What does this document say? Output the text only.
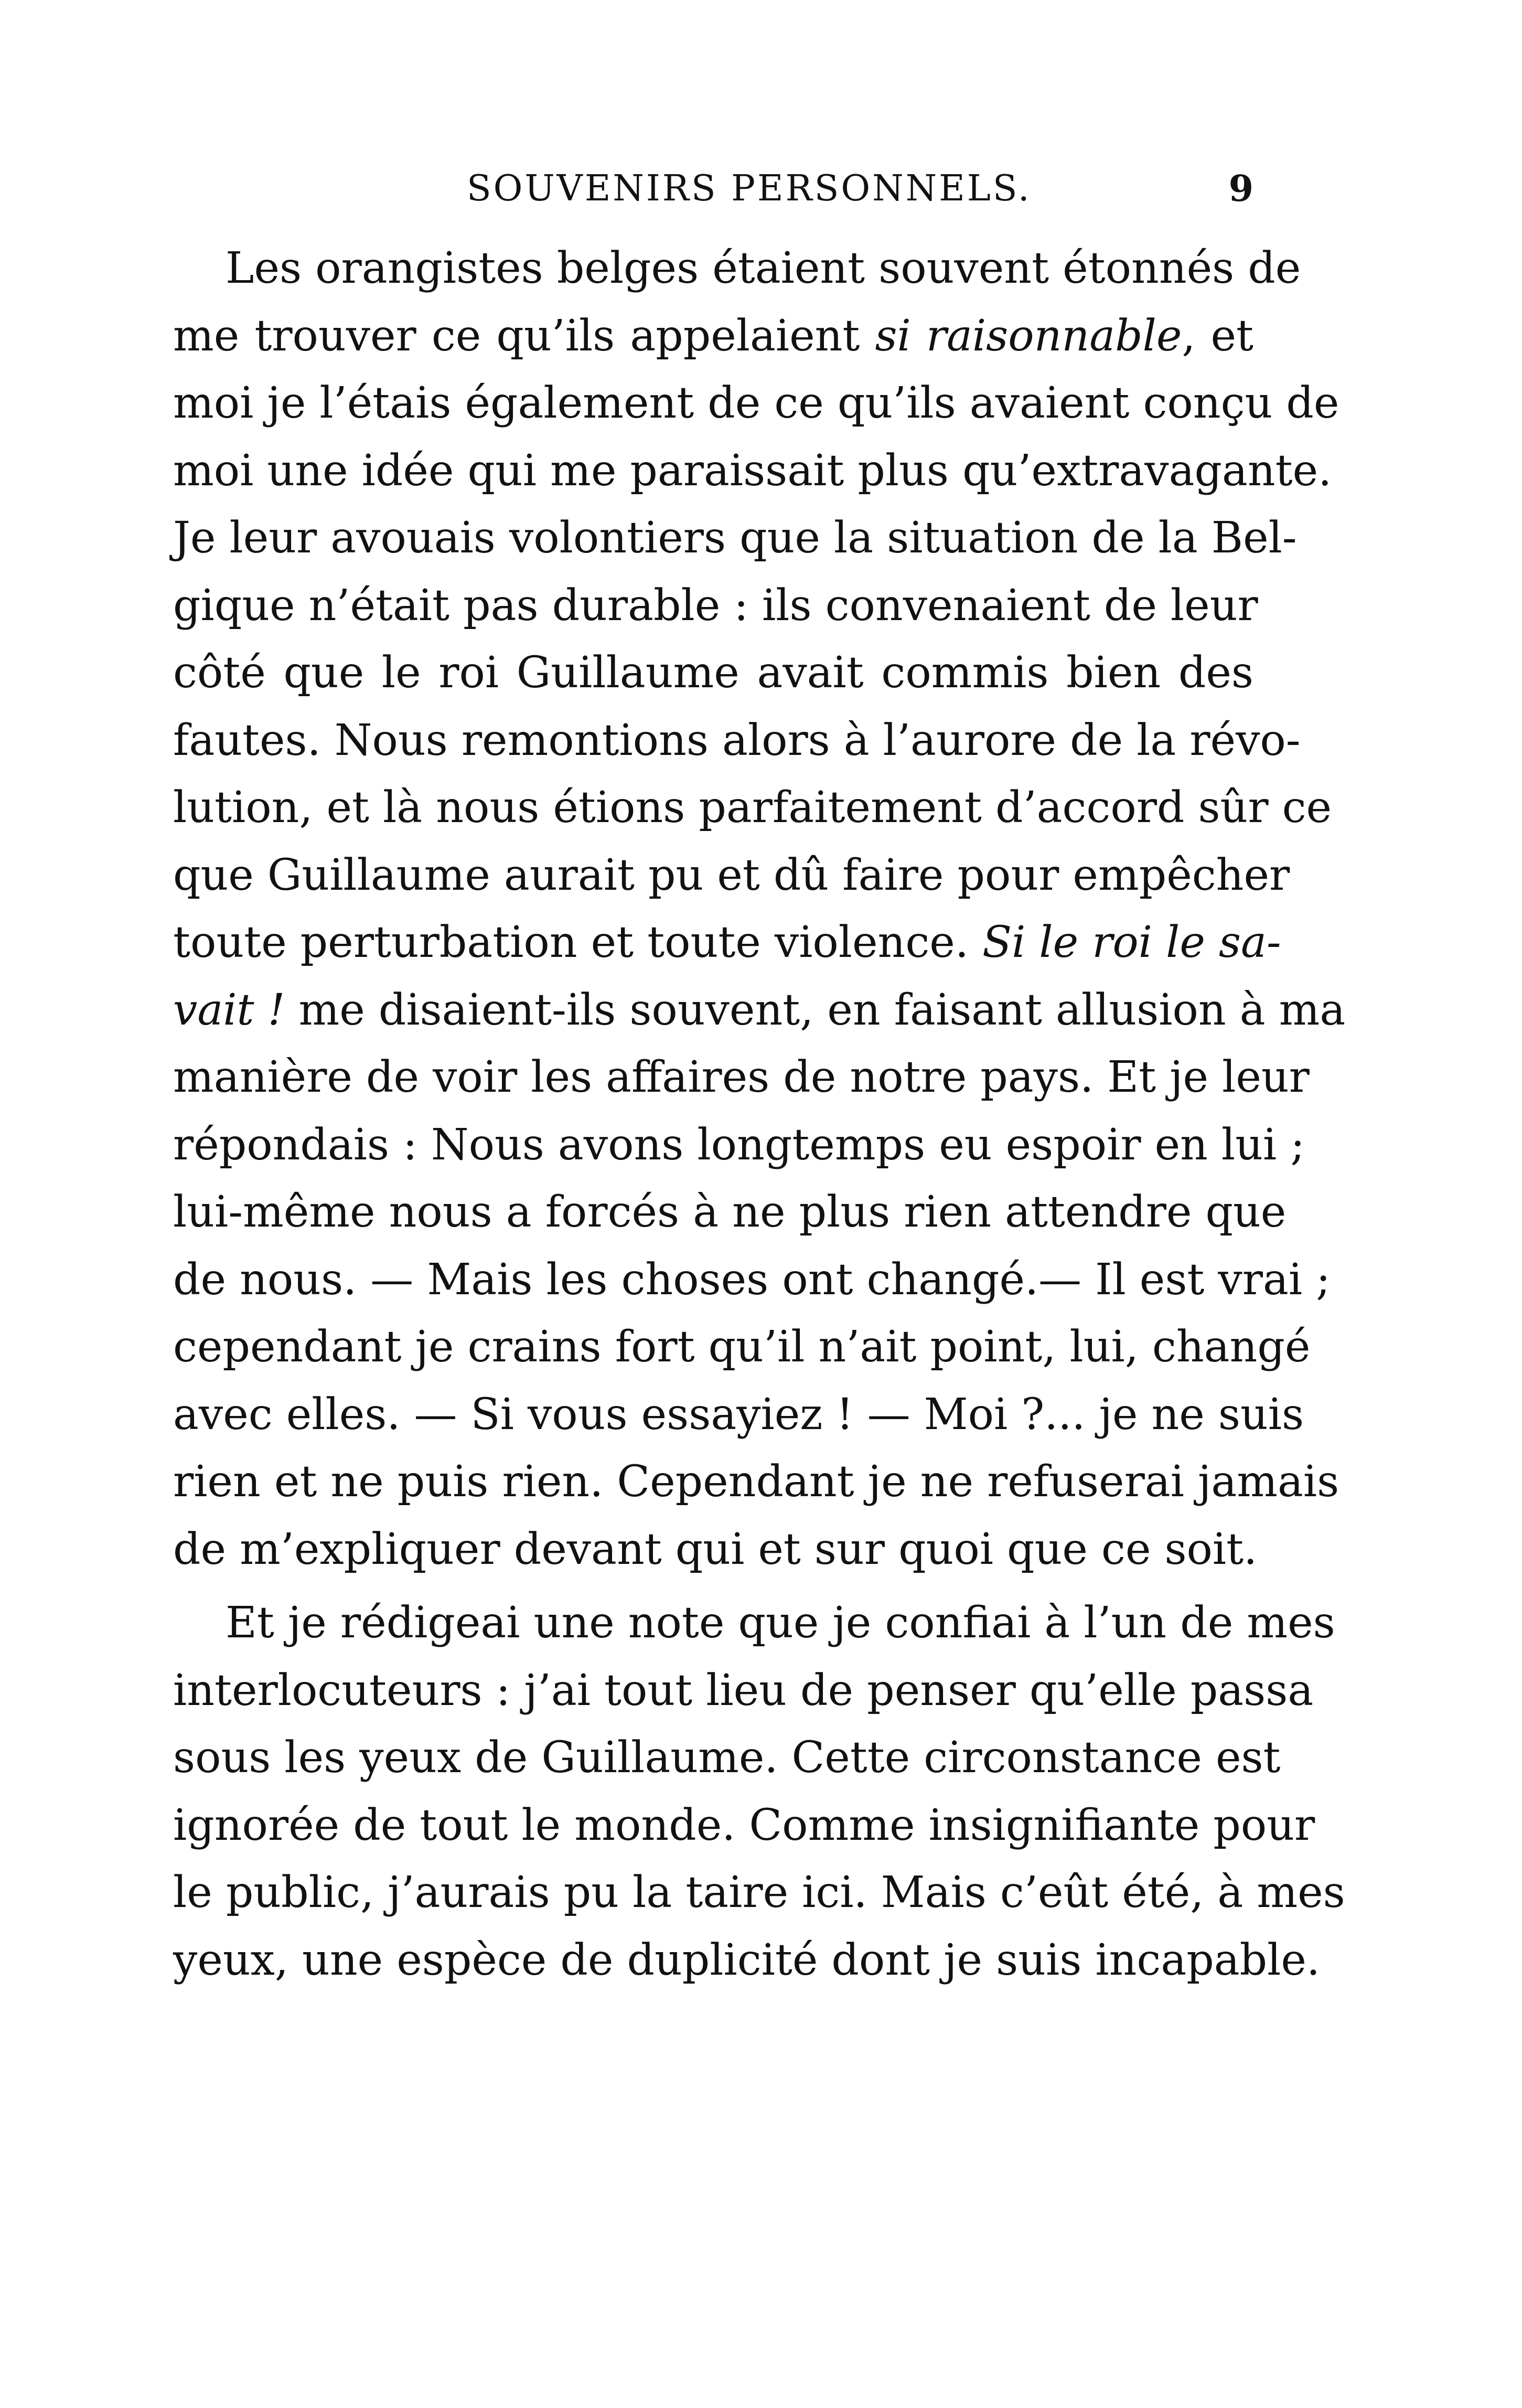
SOUVENIRS PERSONNELS.	9
Les orangistes belges étaient souvent étonnés de
me trouver ce qu’ils appelaient si raisonnable, et
moi je l’étais également de ce qu’ils avaient conçu de
moi une idée qui me paraissait plus qu’extravagante.
Je leur avouais volontiers que la situation de la Bel-
gique n’était pas durable : ils convenaient de leur
côté que le roi Guillaume avait commis bien des
fautes. Nous remontions alors à l’aurore de la révo-
lution, et là nous étions parfaitement d’accord sûr ce
que Guillaume aurait pu et dû faire pour empêcher
toute perturbation et toute violence. Si le roi le sa-
vait ! me disaient-ils souvent, en faisant allusion à ma
manière de voir les affaires de notre pays. Et je leur
répondais : Nous avons longtemps eu espoir en lui ;
lui-même nous a forcés à ne plus rien attendre que
de nous. — Mais les choses ont changé.— Il est vrai ;
cependant je crains fort qu’il n’ait point, lui, changé
avec elles. — Si vous essayiez ! — Moi ?... je ne suis
rien et ne puis rien. Cependant je ne refuserai jamais
de m’expliquer devant qui et sur quoi que ce soit.
Et je rédigeai une note que je confiai à l’un de mes
interlocuteurs : j’ai tout lieu de penser qu’elle passa
sous les yeux de Guillaume. Cette circonstance est
ignorée de tout le monde. Comme insignifiante pour
le public, j’aurais pu la taire ici. Mais c’eût été, à mes
yeux, une espèce de duplicité dont je suis incapable.
